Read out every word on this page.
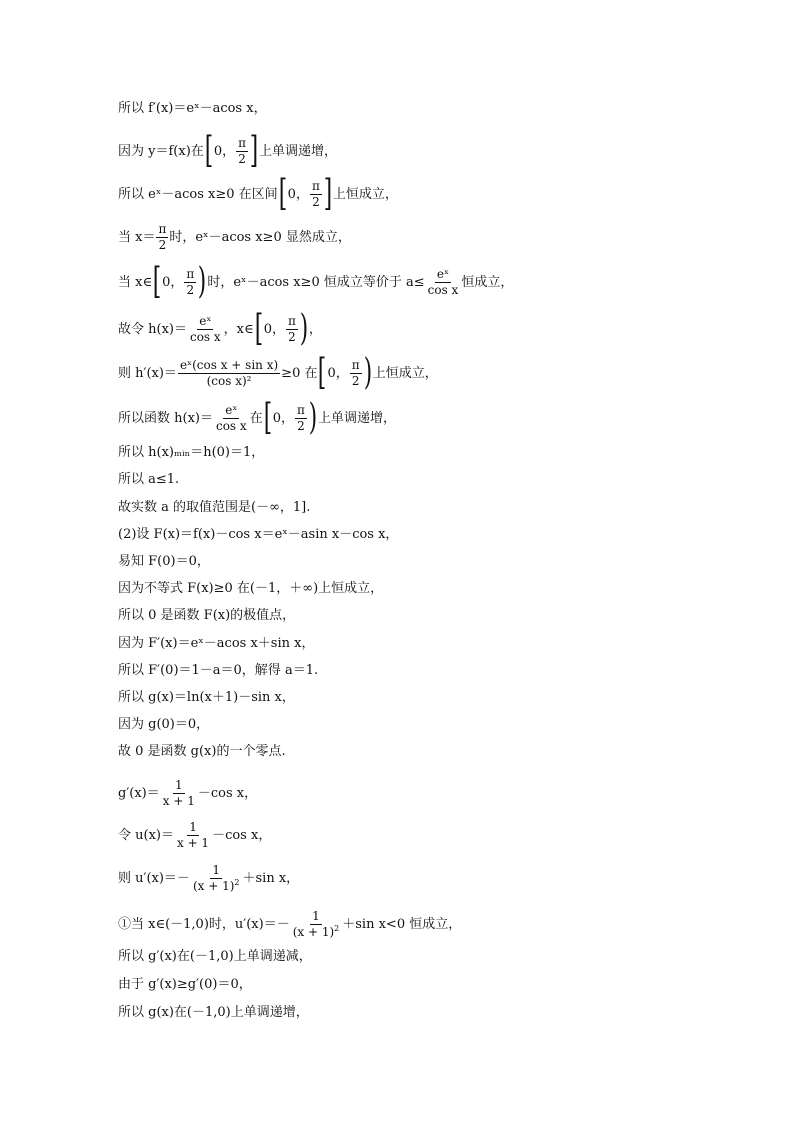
所以 f′(x)＝eˣ－acos x，
因为 y＝f(x)在 [ 0， $\frac{\pi}{2}$ ] 上单调递增，
所以 eˣ－acos x≥0 在区间 [ 0， $\frac{\pi}{2}$ ] 上恒成立，
当 $x= \frac{\pi}{2}$ 时，eˣ－acos x≥0 显然成立，
当 x∈ [ 0， $\frac{\pi}{2}$ ) 时，eˣ－acos x≥0 恒成立等价于 $a\le \frac{\text{eˣ}}{\text{cos x}}$ 恒成立，
故令 $h(x)= \frac{\text{eˣ}}{\text{cos x}}$ ，x∈ [ 0， $\frac{\pi}{2}$ ) ，
则 $h'(x)= \frac{\text{eˣ(cos x + sin x)}}{\text{(cos x)²}} \ge 0$ 在 [ 0， $\frac{\pi}{2}$ ) 上恒成立，
所以函数 $h(x)= \frac{\text{eˣ}}{\text{cos x}}$ 在 [ 0， $\frac{\pi}{2}$ ) 上单调递增，
所以 h(x)ₘᵢₙ＝h(0)＝1，
所以 a≤1.
故实数 a 的取值范围是(－∞，1].
(2)设 F(x)＝f(x)－cos x＝eˣ－asin x－cos x，
易知 F(0)＝0，
因为不等式 F(x)≥0 在(－1，＋∞)上恒成立，
所以 0 是函数 F(x)的极值点，
因为 F′(x)＝eˣ－acos x＋sin x，
所以 F′(0)＝1－a＝0，解得 a＝1.
所以 g(x)＝ln(x＋1)－sin x，
因为 g(0)＝0，
故 0 是函数 g(x)的一个零点.
$g'(x)= \frac{1}{x + 1} -\cos$ x，
令 $u(x)= \frac{1}{x + 1} -\cos$ x，
则 $u'(x)=- \frac{1}{(x + 1)^2} +\sin$ x，
①当 x∈(－1,0)时，$u'(x)=- \frac{1}{(x + 1)^2} +\sin$ x<0 恒成立，
所以 g′(x)在(－1,0)上单调递减，
由于 g′(x)≥g′(0)＝0，
所以 g(x)在(－1,0)上单调递增，
